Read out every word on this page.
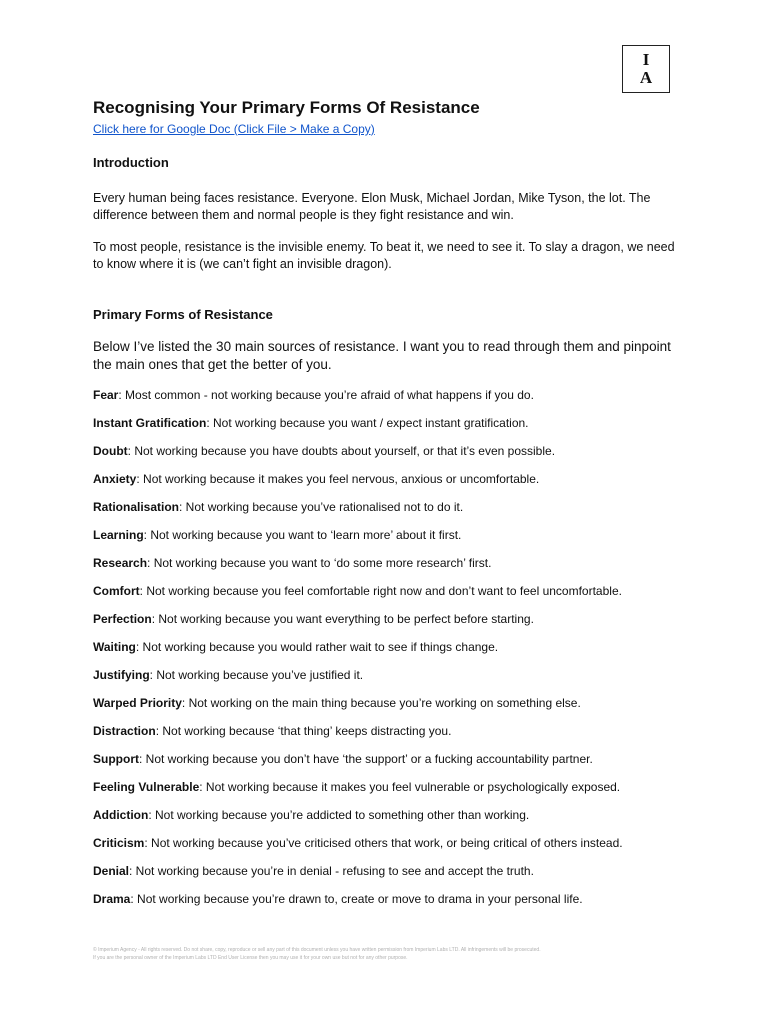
I
A
Recognising Your Primary Forms Of Resistance
Click here for Google Doc (Click File > Make a Copy)
Introduction

Every human being faces resistance. Everyone. Elon Musk, Michael Jordan, Mike Tyson, the lot. The difference between them and normal people is they fight resistance and win.

To most people, resistance is the invisible enemy. To beat it, we need to see it. To slay a dragon, we need to know where it is (we can’t fight an invisible dragon).

Primary Forms of Resistance

Below I’ve listed the 30 main sources of resistance. I want you to read through them and pinpoint the main ones that get the better of you.

Fear: Most common - not working because you’re afraid of what happens if you do.
Instant Gratification: Not working because you want / expect instant gratification.
Doubt: Not working because you have doubts about yourself, or that it’s even possible.
Anxiety: Not working because it makes you feel nervous, anxious or uncomfortable.
Rationalisation: Not working because you’ve rationalised not to do it.
Learning: Not working because you want to ‘learn more’ about it first.
Research: Not working because you want to ‘do some more research’ first.
Comfort: Not working because you feel comfortable right now and don’t want to feel uncomfortable.
Perfection: Not working because you want everything to be perfect before starting.
Waiting: Not working because you would rather wait to see if things change.
Justifying: Not working because you’ve justified it.
Warped Priority: Not working on the main thing because you’re working on something else.
Distraction: Not working because ‘that thing’ keeps distracting you.
Support: Not working because you don’t have ‘the support’ or a fucking accountability partner.
Feeling Vulnerable: Not working because it makes you feel vulnerable or psychologically exposed.
Addiction: Not working because you’re addicted to something other than working.
Criticism: Not working because you’ve criticised others that work, or being critical of others instead.
Denial: Not working because you’re in denial - refusing to see and accept the truth.
Drama: Not working because you’re drawn to, create or move to drama in your personal life.
© Imperium Agency - All rights reserved. Do not share, copy, reproduce or sell any part of this document unless you have written permission from Imperium Labs LTD. All infringements will be prosecuted.
If you are the personal owner of the Imperium Labs LTD End User License then you may use it for your own use but not for any other purpose.
